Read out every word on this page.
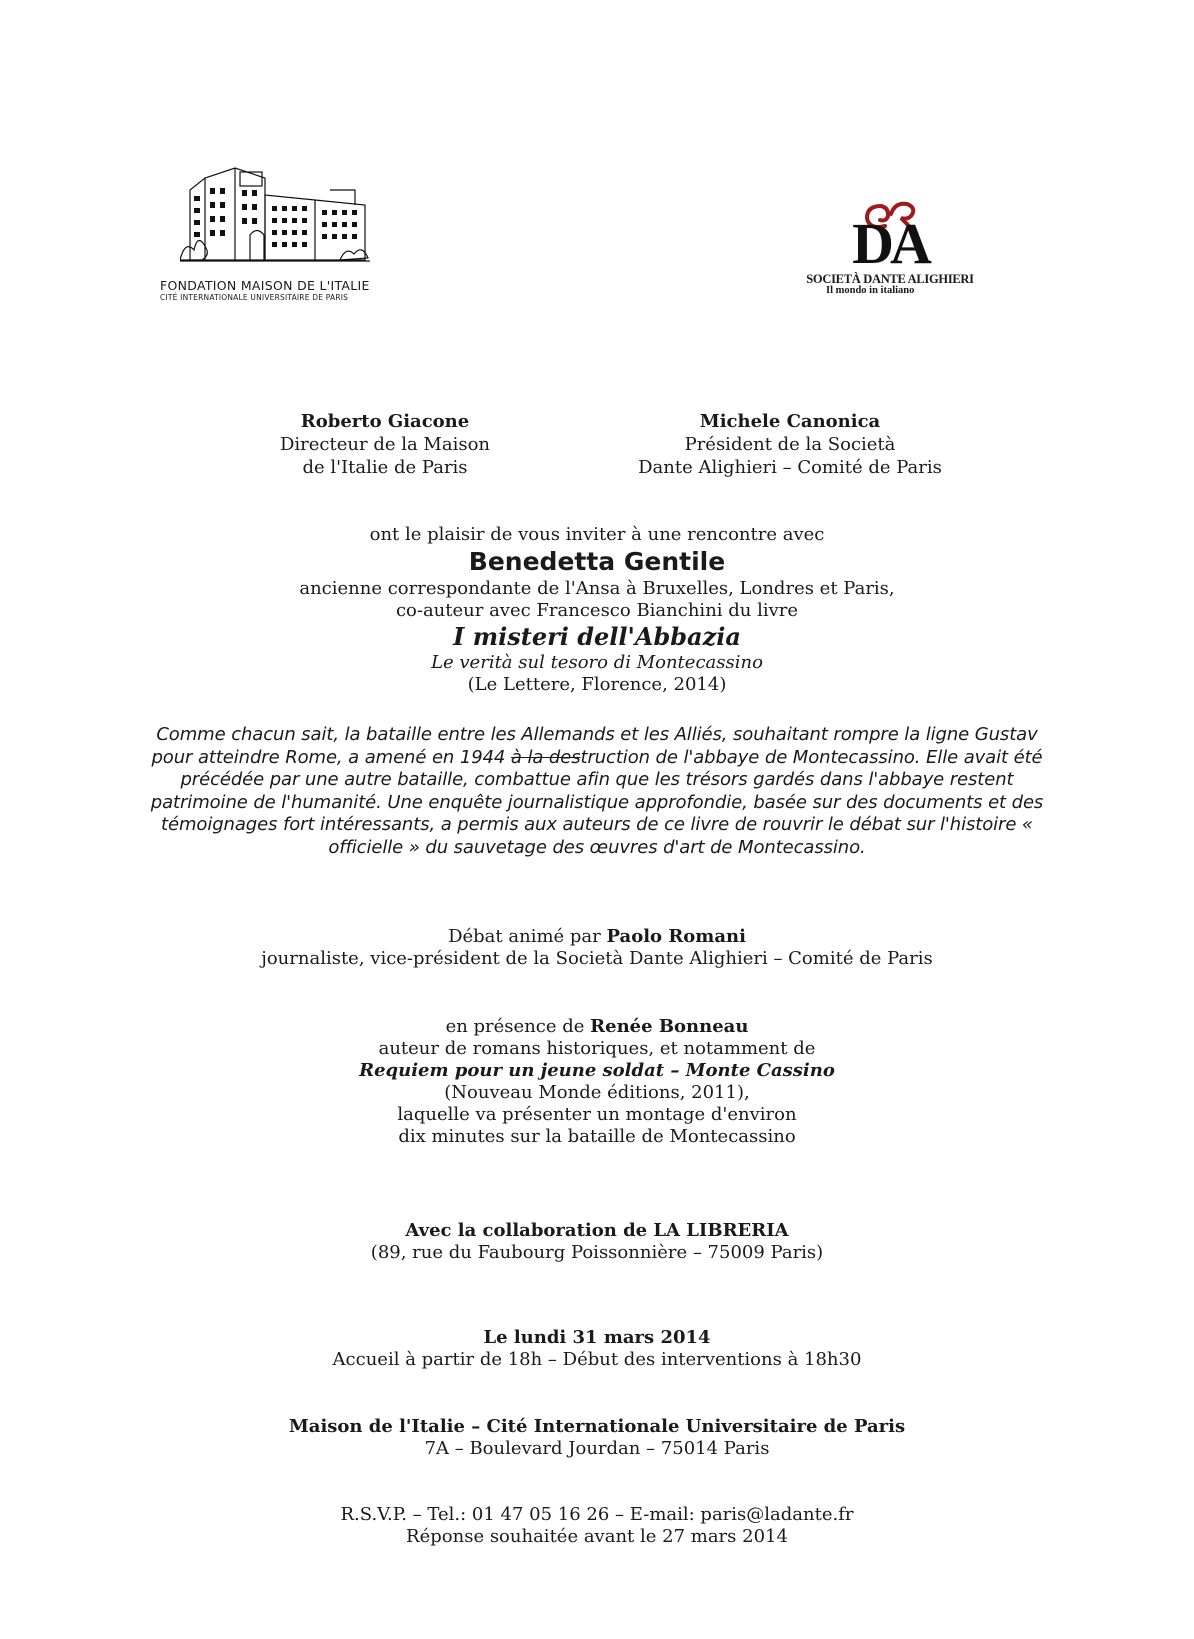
FONDATION MAISON DE L'ITALIE
CITÉ INTERNATIONALE UNIVERSITAIRE DE PARIS
DA
SOCIETÀ DANTE ALIGHIERI
Il mondo in italiano
Roberto Giacone
Directeur de la Maison
de l'Italie de Paris
Michele Canonica
Président de la Società
Dante Alighieri – Comité de Paris
ont le plaisir de vous inviter à une rencontre avec
Benedetta Gentile
ancienne correspondante de l'Ansa à Bruxelles, Londres et Paris,
co-auteur avec Francesco Bianchini du livre
I misteri dell'Abbazia
Le verità sul tesoro di Montecassino
(Le Lettere, Florence, 2014)
Comme chacun sait, la bataille entre les Allemands et les Alliés, souhaitant rompre la ligne Gustav pour atteindre Rome, a amené en 1944 à la destruction de l'abbaye de Montecassino. Elle avait été précédée par une autre bataille, combattue afin que les trésors gardés dans l'abbaye restent patrimoine de l'humanité. Une enquête journalistique approfondie, basée sur des documents et des témoignages fort intéressants, a permis aux auteurs de ce livre de rouvrir le débat sur l'histoire « officielle » du sauvetage des œuvres d'art de Montecassino.
Débat animé par Paolo Romani
journaliste, vice-président de la Società Dante Alighieri – Comité de Paris
en présence de Renée Bonneau
auteur de romans historiques, et notamment de
Requiem pour un jeune soldat – Monte Cassino
(Nouveau Monde éditions, 2011),
laquelle va présenter un montage d'environ
dix minutes sur la bataille de Montecassino
Avec la collaboration de LA LIBRERIA
(89, rue du Faubourg Poissonnière – 75009 Paris)
Le lundi 31 mars 2014
Accueil à partir de 18h – Début des interventions à 18h30
Maison de l'Italie – Cité Internationale Universitaire de Paris
7A – Boulevard Jourdan – 75014 Paris
R.S.V.P. – Tel.: 01 47 05 16 26 – E-mail: paris@ladante.fr
Réponse souhaitée avant le 27 mars 2014
